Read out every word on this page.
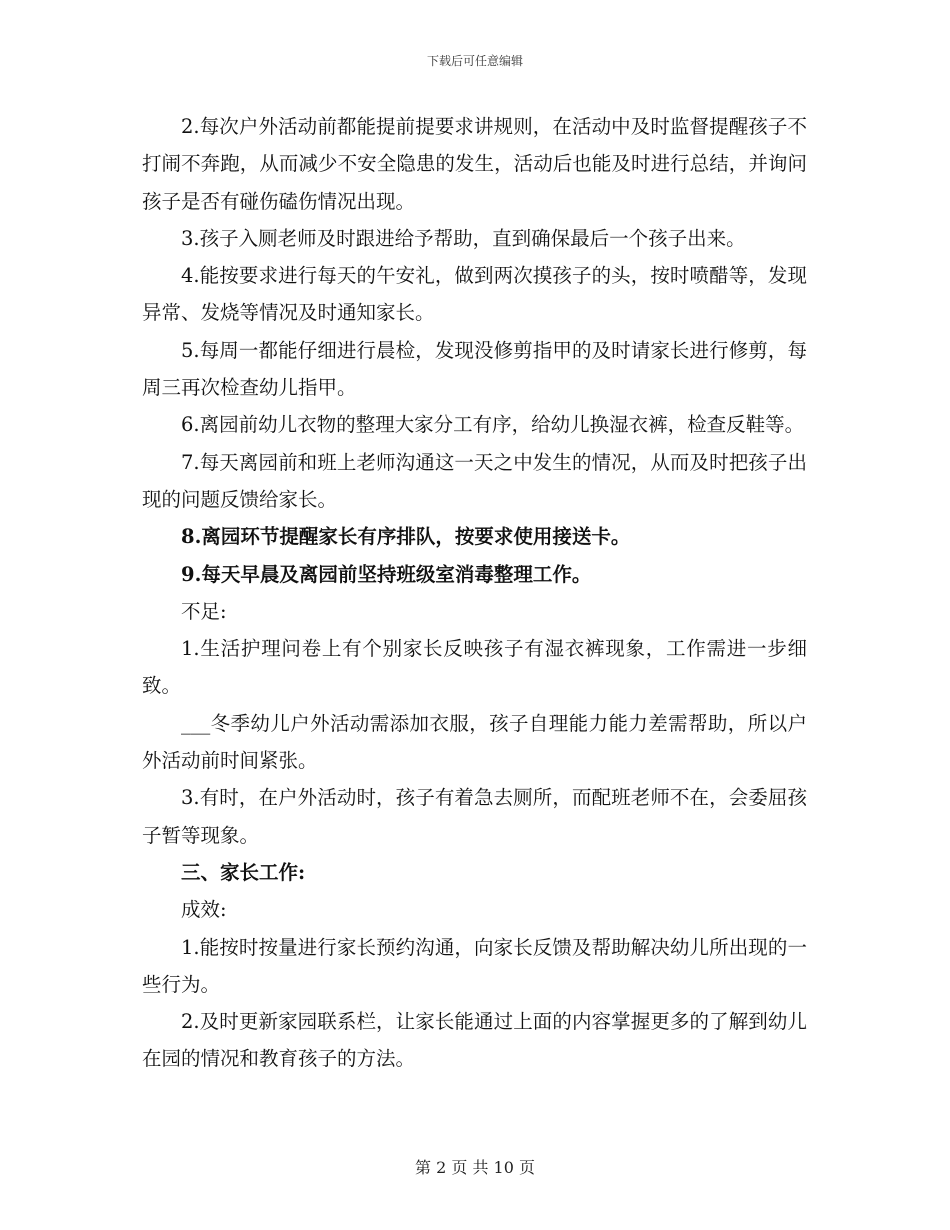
下载后可任意编辑

2.每次户外活动前都能提前提要求讲规则，在活动中及时监督提醒孩子不打闹不奔跑，从而减少不安全隐患的发生，活动后也能及时进行总结，并询问孩子是否有碰伤磕伤情况出现。

3.孩子入厕老师及时跟进给予帮助，直到确保最后一个孩子出来。

4.能按要求进行每天的午安礼，做到两次摸孩子的头，按时喷醋等，发现异常、发烧等情况及时通知家长。

5.每周一都能仔细进行晨检，发现没修剪指甲的及时请家长进行修剪，每周三再次检查幼儿指甲。

6.离园前幼儿衣物的整理大家分工有序，给幼儿换湿衣裤，检查反鞋等。

7.每天离园前和班上老师沟通这一天之中发生的情况，从而及时把孩子出现的问题反馈给家长。

8.离园环节提醒家长有序排队，按要求使用接送卡。

9.每天早晨及离园前坚持班级室消毒整理工作。

不足:

1.生活护理问卷上有个别家长反映孩子有湿衣裤现象，工作需进一步细致。

___冬季幼儿户外活动需添加衣服，孩子自理能力能力差需帮助，所以户外活动前时间紧张。

3.有时，在户外活动时，孩子有着急去厕所，而配班老师不在，会委屈孩子暂等现象。

三、家长工作:

成效:

1.能按时按量进行家长预约沟通，向家长反馈及帮助解决幼儿所出现的一些行为。

2.及时更新家园联系栏，让家长能通过上面的内容掌握更多的了解到幼儿在园的情况和教育孩子的方法。

第 2 页 共 10 页
